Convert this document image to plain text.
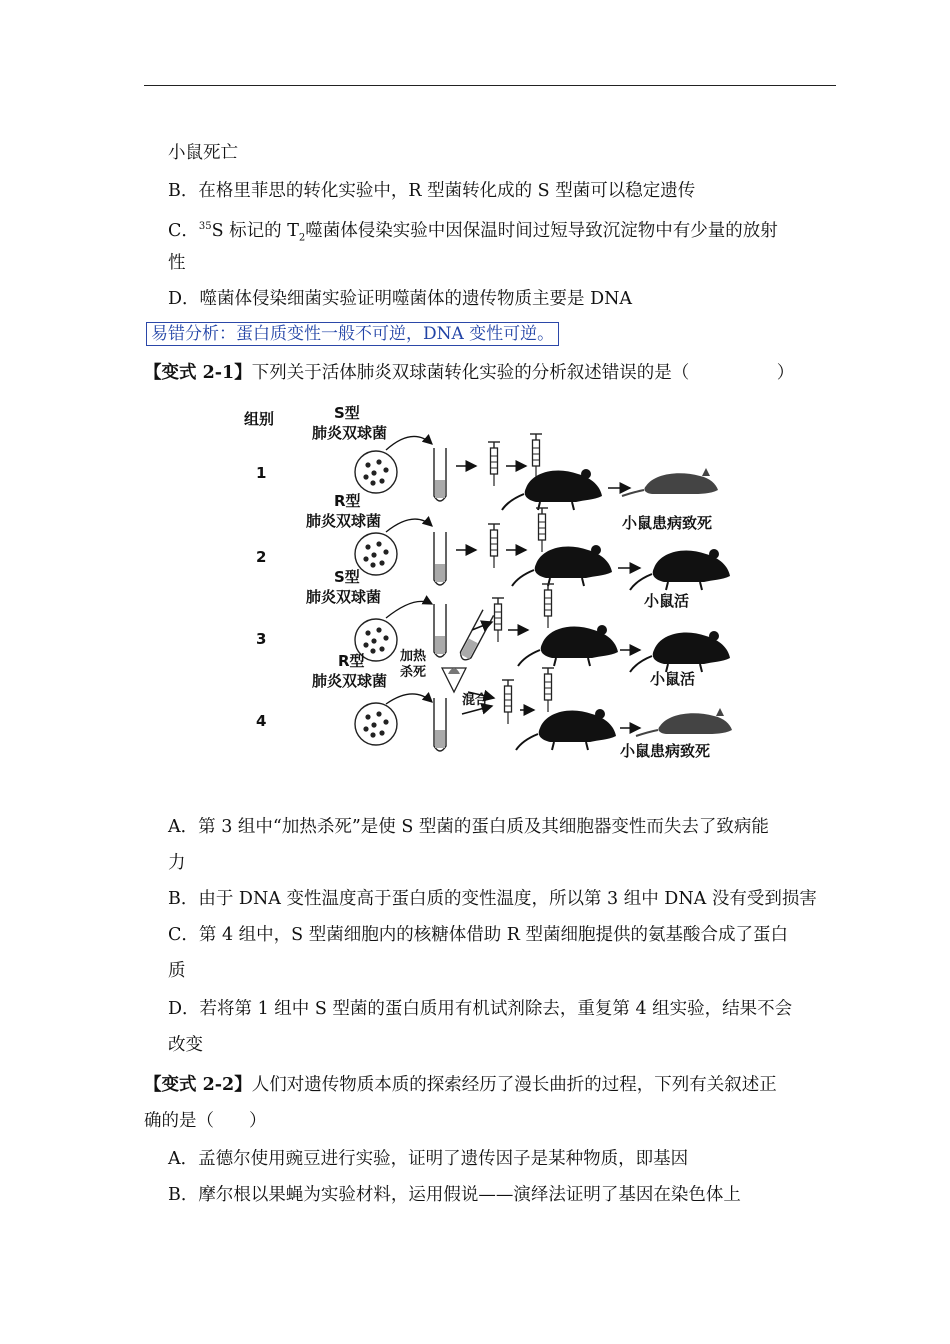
小鼠死亡
B．在格里菲思的转化实验中，R 型菌转化成的 S 型菌可以稳定遗传
C．$^{35}$S 标记的 $T_2$噬菌体侵染实验中因保温时间过短导致沉淀物中有少量的放射
性
D．噬菌体侵染细菌实验证明噬菌体的遗传物质主要是 DNA
易错分析：蛋白质变性一般不可逆，DNA 变性可逆。
【变式 2-1】下列关于活体肺炎双球菌转化实验的分析叙述错误的是（　　　　　）
组别
1
2
3
4
S型
肺炎双球菌
小鼠患病致死
R型
肺炎双球菌
小鼠活
S型
肺炎双球菌
加热
杀死	小鼠活
R型
肺炎双球菌
混合
小鼠患病致死
A．第 3 组中“加热杀死”是使 S 型菌的蛋白质及其细胞器变性而失去了致病能
力
B．由于 DNA 变性温度高于蛋白质的变性温度，所以第 3 组中 DNA 没有受到损害
C．第 4 组中，S 型菌细胞内的核糖体借助 R 型菌细胞提供的氨基酸合成了蛋白
质
D．若将第 1 组中 S 型菌的蛋白质用有机试剂除去，重复第 4 组实验，结果不会
改变
【变式 2-2】人们对遗传物质本质的探索经历了漫长曲折的过程，下列有关叙述正
确的是（　　）
A．孟德尔使用豌豆进行实验，证明了遗传因子是某种物质，即基因
B．摩尔根以果蝇为实验材料，运用假说——演绎法证明了基因在染色体上
